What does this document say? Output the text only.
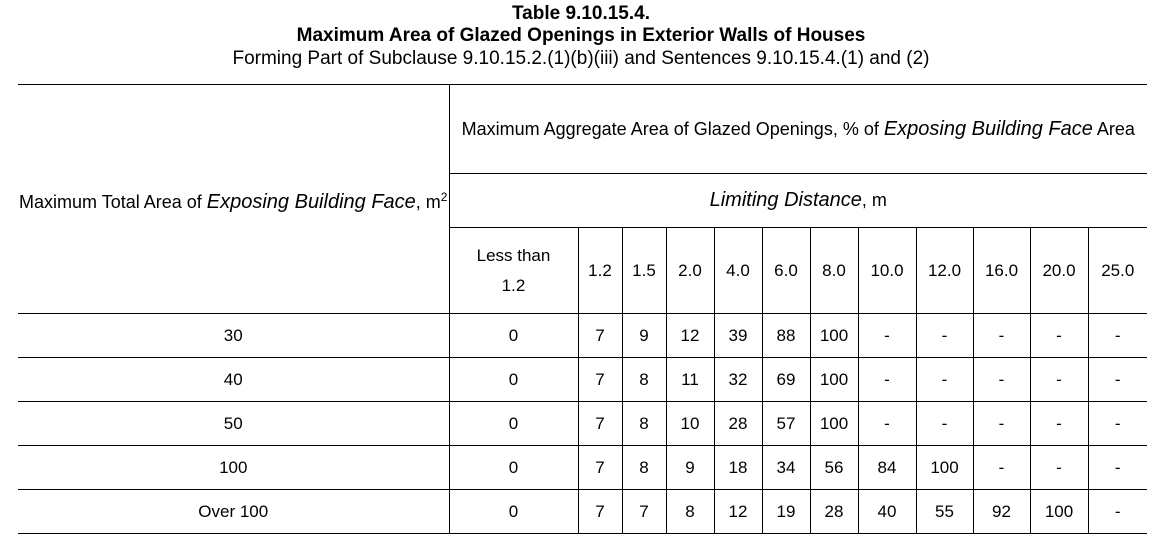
Table 9.10.15.4.
Maximum Area of Glazed Openings in Exterior Walls of Houses
Forming Part of Subclause 9.10.15.2.(1)(b)(iii) and Sentences 9.10.15.4.(1) and (2)
Maximum Total Area of Exposing Building Face, $m^2$	Maximum Aggregate Area of Glazed Openings, % of Exposing Building Face Area											
	Limiting Distance, m											
	Less than 1.2	1.2	1.5	2.0	4.0	6.0	8.0	10.0	12.0	16.0	20.0	25.0
30	0	7	9	12	39	88	100	-	-	-	-	-
40	0	7	8	11	32	69	100	-	-	-	-	-
50	0	7	8	10	28	57	100	-	-	-	-	-
100	0	7	8	9	18	34	56	84	100	-	-	-
Over 100	0	7	7	8	12	19	28	40	55	92	100	-
